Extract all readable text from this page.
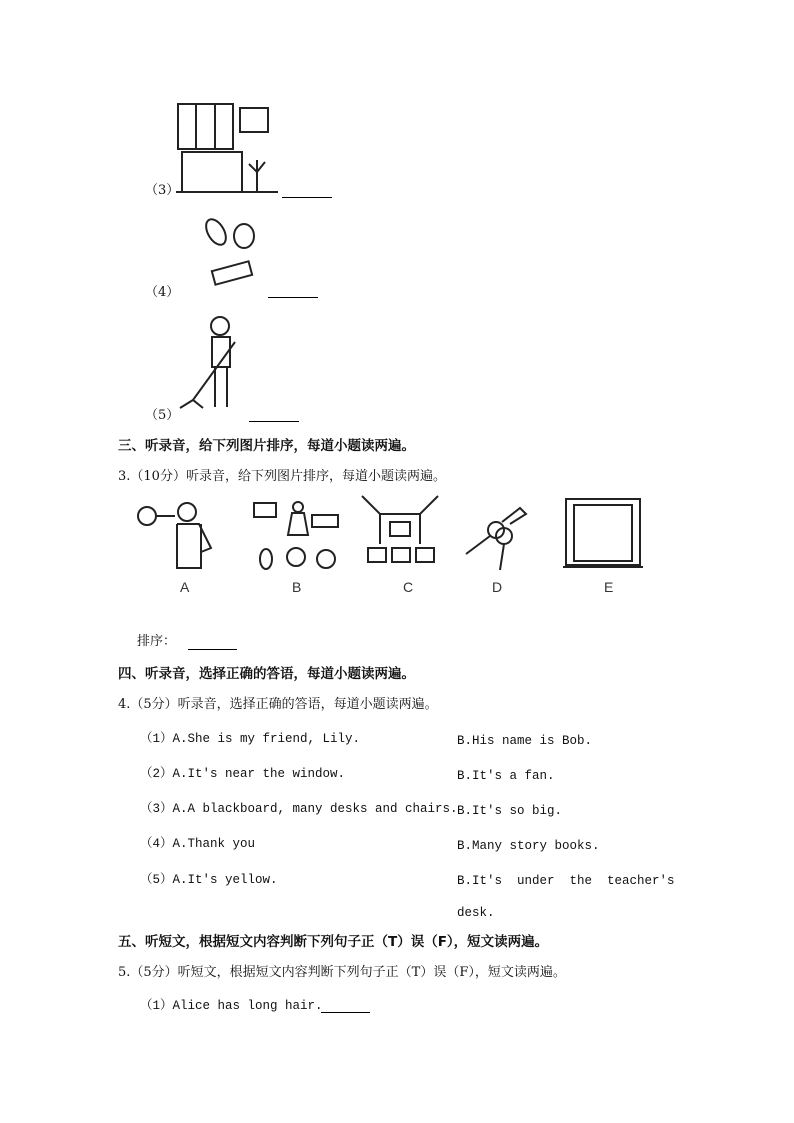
（3）
（4）
（5）
三、听录音，给下列图片排序，每道小题读两遍。
3.（10分）听录音，给下列图片排序，每道小题读两遍。
A	B	C	D	E
排序：
四、听录音，选择正确的答语，每道小题读两遍。
4.（5分）听录音，选择正确的答语，每道小题读两遍。
（1）A.She is my friend, Lily.	B.His name is Bob.
（2）A.It's near the window.	B.It's a fan.
（3）A.A blackboard, many desks and chairs. B.It's so big.
（4）A.Thank you	B.Many story books.
（5）A.It's yellow.	B.It's  under  the  teacher's
desk.
五、听短文，根据短文内容判断下列句子正（T）误（F），短文读两遍。
5.（5分）听短文，根据短文内容判断下列句子正（T）误（F），短文读两遍。
（1）Alice has long hair.
